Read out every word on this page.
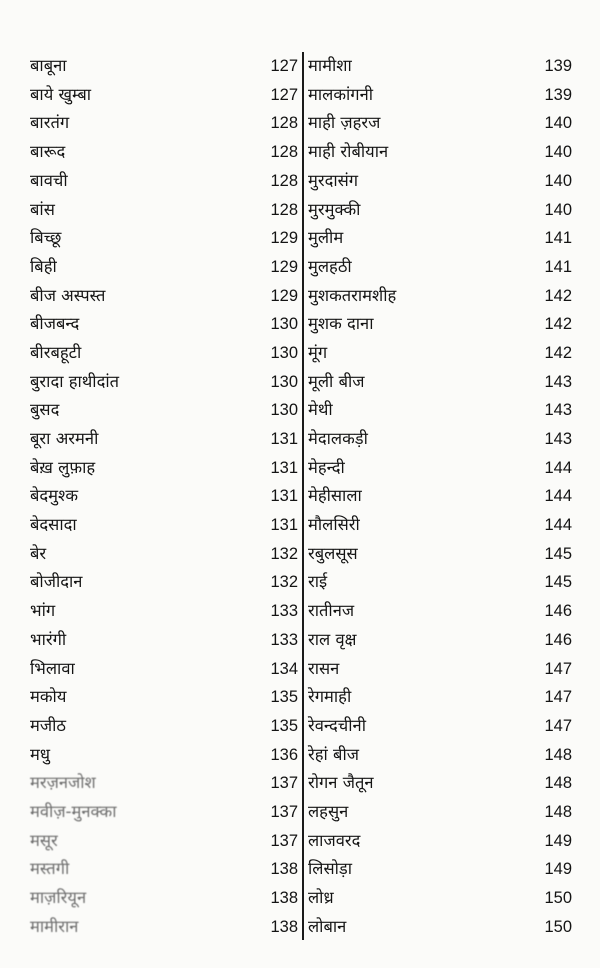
बाबूना	127
बाये खुम्बा	127
बारतंग	128
बारूद	128
बावची	128
बांस	128
बिच्छू	129
बिही	129
बीज अस्पस्त	129
बीजबन्द	130
बीरबहूटी	130
बुरादा हाथीदांत	130
बुसद	130
बूरा अरमनी	131
बेख़ लुफ़ाह	131
बेदमुश्क	131
बेदसादा	131
बेर	132
बोजीदान	132
भांग	133
भारंगी	133
भिलावा	134
मकोय	135
मजीठ	135
मधु	136
मरज़नजोश	137
मवीज़-मुनक्का	137
मसूर	137
मस्तगी	138
माज़रियून	138
मामीरान	138
मामीशा	139
मालकांगनी	139
माही ज़हरज	140
माही रोबीयान	140
मुरदासंग	140
मुरमुक्की	140
मुलीम	141
मुलहठी	141
मुशकतरामशीह	142
मुशक दाना	142
मूंग	142
मूली बीज	143
मेथी	143
मेदालकड़ी	143
मेहन्दी	144
मेहीसाला	144
मौलसिरी	144
रबुलसूस	145
राई	145
रातीनज	146
राल वृक्ष	146
रासन	147
रेगमाही	147
रेवन्दचीनी	147
रेहां बीज	148
रोगन जैतून	148
लहसुन	148
लाजवरद	149
लिसोड़ा	149
लोध्र	150
लोबान	150
